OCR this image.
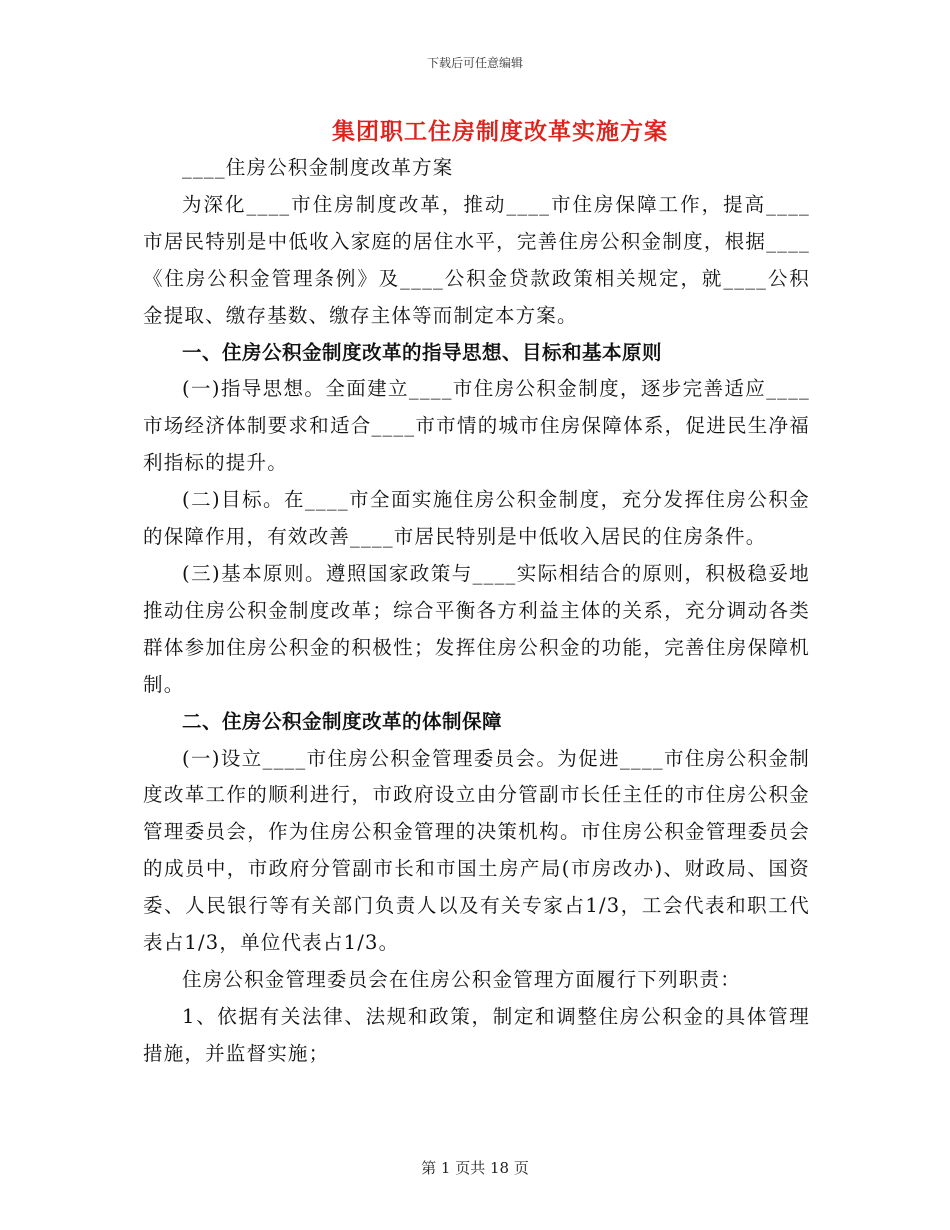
下载后可任意编辑
集团职工住房制度改革实施方案

____住房公积金制度改革方案

为深化____市住房制度改革，推动____市住房保障工作，提高____市居民特别是中低收入家庭的居住水平，完善住房公积金制度，根据____《住房公积金管理条例》及____公积金贷款政策相关规定，就____公积金提取、缴存基数、缴存主体等而制定本方案。

一、住房公积金制度改革的指导思想、目标和基本原则

(一)指导思想。全面建立____市住房公积金制度，逐步完善适应____市场经济体制要求和适合____市市情的城市住房保障体系，促进民生净福利指标的提升。

(二)目标。在____市全面实施住房公积金制度，充分发挥住房公积金的保障作用，有效改善____市居民特别是中低收入居民的住房条件。

(三)基本原则。遵照国家政策与____实际相结合的原则，积极稳妥地推动住房公积金制度改革；综合平衡各方利益主体的关系，充分调动各类群体参加住房公积金的积极性；发挥住房公积金的功能，完善住房保障机制。

二、住房公积金制度改革的体制保障

(一)设立____市住房公积金管理委员会。为促进____市住房公积金制度改革工作的顺利进行，市政府设立由分管副市长任主任的市住房公积金管理委员会，作为住房公积金管理的决策机构。市住房公积金管理委员会的成员中，市政府分管副市长和市国土房产局(市房改办)、财政局、国资委、人民银行等有关部门负责人以及有关专家占1/3，工会代表和职工代表占1/3，单位代表占1/3。

住房公积金管理委员会在住房公积金管理方面履行下列职责：

1、依据有关法律、法规和政策，制定和调整住房公积金的具体管理措施，并监督实施；

第 1 页共 18 页
